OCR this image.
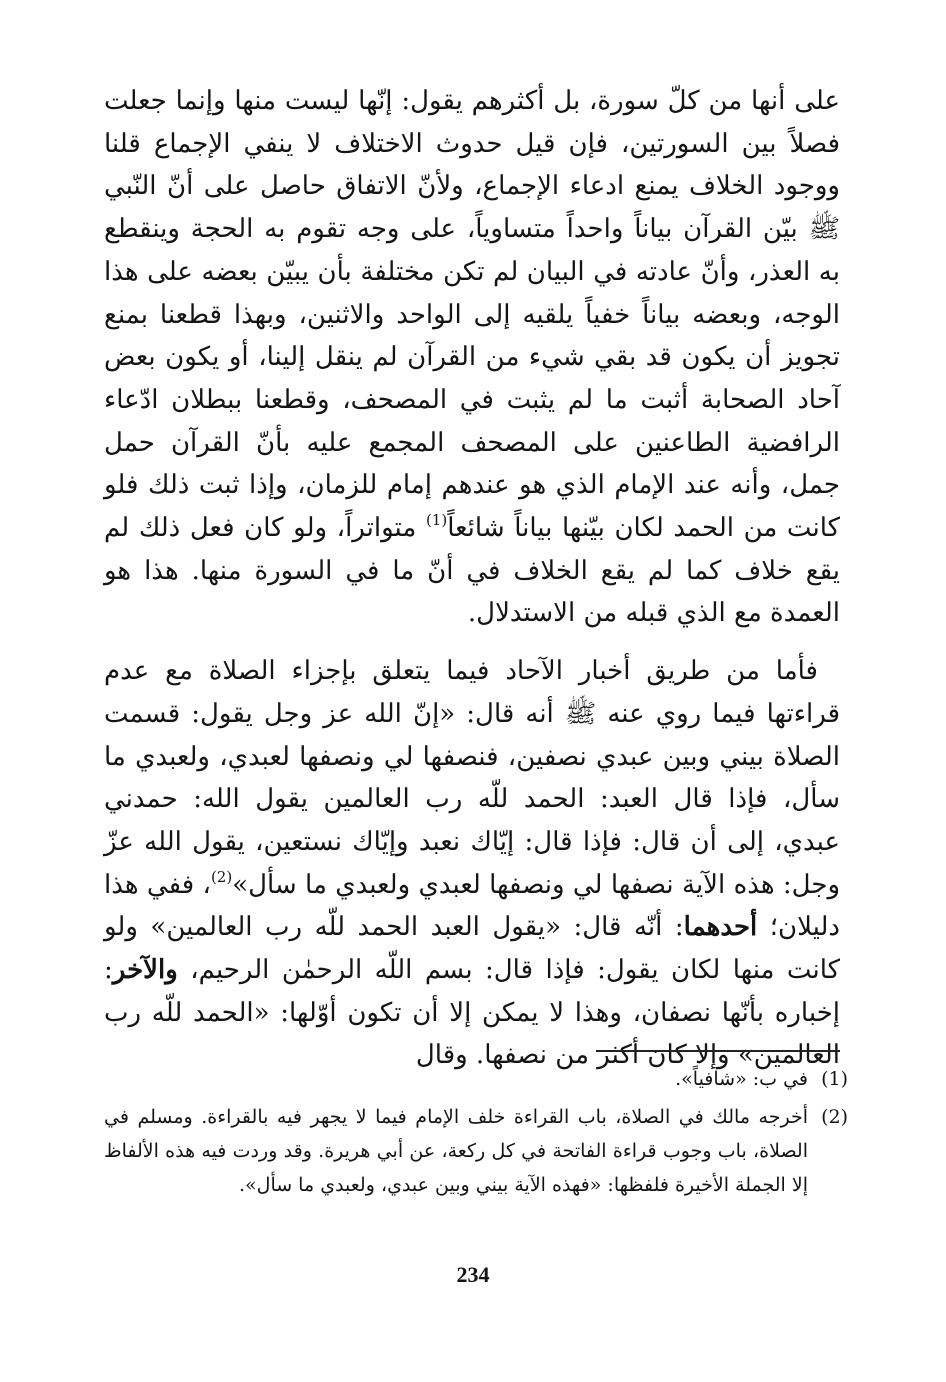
على أنها من كلّ سورة، بل أكثرهم يقول: إنّها ليست منها وإنما جعلت فصلاً بين السورتين، فإن قيل حدوث الاختلاف لا ينفي الإجماع قلنا ووجود الخلاف يمنع ادعاء الإجماع، ولأنّ الاتفاق حاصل على أنّ النّبي ﷺ بيّن القرآن بياناً واحداً متساوياً، على وجه تقوم به الحجة وينقطع به العذر، وأنّ عادته في البيان لم تكن مختلفة بأن يبيّن بعضه على هذا الوجه، وبعضه بياناً خفياً يلقيه إلى الواحد والاثنين، وبهذا قطعنا بمنع تجويز أن يكون قد بقي شيء من القرآن لم ينقل إلينا، أو يكون بعض آحاد الصحابة أثبت ما لم يثبت في المصحف، وقطعنا ببطلان ادّعاء الرافضية الطاعنين على المصحف المجمع عليه بأنّ القرآن حمل جمل، وأنه عند الإمام الذي هو عندهم إمام للزمان، وإذا ثبت ذلك فلو كانت من الحمد لكان بيّنها بياناً شائعاً$^{(1)}$ متواتراً، ولو كان فعل ذلك لم يقع خلاف كما لم يقع الخلاف في أنّ ما في السورة منها. هذا هو العمدة مع الذي قبله من الاستدلال.

فأما من طريق أخبار الآحاد فيما يتعلق بإجزاء الصلاة مع عدم قراءتها فيما روي عنه ﷺ أنه قال: «إنّ الله عز وجل يقول: قسمت الصلاة بيني وبين عبدي نصفين، فنصفها لي ونصفها لعبدي، ولعبدي ما سأل، فإذا قال العبد: الحمد للّه رب العالمين يقول الله: حمدني عبدي، إلى أن قال: فإذا قال: إيّاك نعبد وإيّاك نستعين، يقول الله عزّ وجل: هذه الآية نصفها لي ونصفها لعبدي ولعبدي ما سأل»$^{(2)}$، ففي هذا دليلان؛ أحدهما: أنّه قال: «يقول العبد الحمد للّه رب العالمين» ولو كانت منها لكان يقول: فإذا قال: بسم اللّه الرحمٰن الرحيم، والآخر: إخباره بأنّها نصفان، وهذا لا يمكن إلا أن تكون أوّلها: «الحمد للّه رب العالمين» وإلا كان أكثر من نصفها. وقال

(1)
في ب: «شافياً».
(2)
أخرجه مالك في الصلاة، باب القراءة خلف الإمام فيما لا يجهر فيه بالقراءة. ومسلم في الصلاة، باب وجوب قراءة الفاتحة في كل ركعة، عن أبي هريرة. وقد وردت فيه هذه الألفاظ إلا الجملة الأخيرة فلفظها: «فهذه الآية بيني وبين عبدي، ولعبدي ما سأل».
234
